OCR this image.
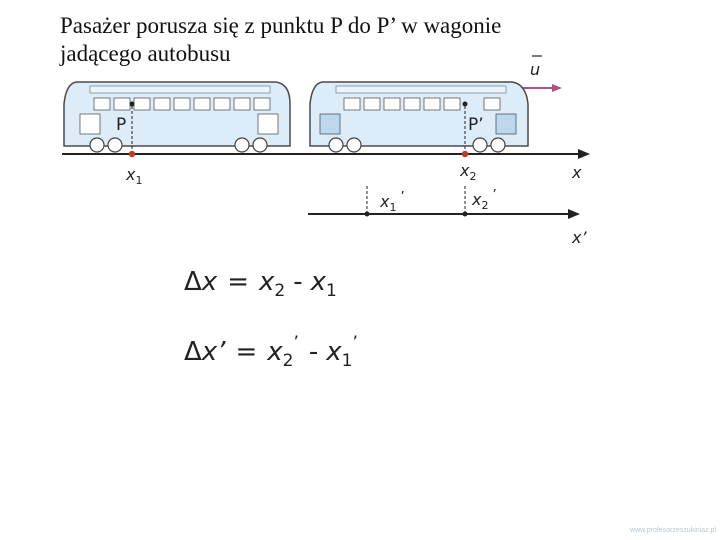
Pasażer porusza się z punktu P do P’ w wagonie
jadącego autobusu
u
P	P’
$x_1$
$x_2$	x
$x_1^’$	$x_2^’$
x’
$\Delta x = x_2 - x_1$
Δx’ = $x_2^’ - x_1^’$
www.profesorzeszukiniaz.pl
